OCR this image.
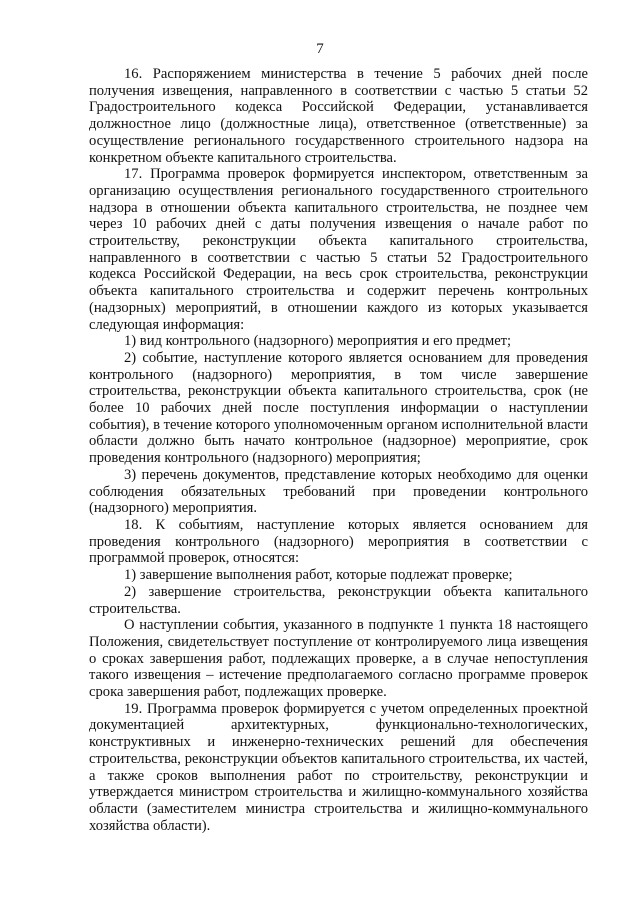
7

16. Распоряжением министерства в течение 5 рабочих дней после получения извещения, направленного в соответствии с частью 5 статьи 52 Градостроительного кодекса Российской Федерации, устанавливается должностное лицо (должностные лица), ответственное (ответственные) за осуществление регионального государственного строительного надзора на конкретном объекте капитального строительства.

17. Программа проверок формируется инспектором, ответственным за организацию осуществления регионального государственного строительного надзора в отношении объекта капитального строительства, не позднее чем через 10 рабочих дней с даты получения извещения о начале работ по строительству, реконструкции объекта капитального строительства, направленного в соответствии с частью 5 статьи 52 Градостроительного кодекса Российской Федерации, на весь срок строительства, реконструкции объекта капитального строительства и содержит перечень контрольных (надзорных) мероприятий, в отношении каждого из которых указывается следующая информация:

1) вид контрольного (надзорного) мероприятия и его предмет;

2) событие, наступление которого является основанием для проведения контрольного (надзорного) мероприятия, в том числе завершение строительства, реконструкции объекта капитального строительства, срок (не более 10 рабочих дней после поступления информации о наступлении события), в течение которого уполномоченным органом исполнительной власти области должно быть начато контрольное (надзорное) мероприятие, срок проведения контрольного (надзорного) мероприятия;

3) перечень документов, представление которых необходимо для оценки соблюдения обязательных требований при проведении контрольного (надзорного) мероприятия.

18. К событиям, наступление которых является основанием для проведения контрольного (надзорного) мероприятия в соответствии с программой проверок, относятся:

1) завершение выполнения работ, которые подлежат проверке;

2) завершение строительства, реконструкции объекта капитального строительства.

О наступлении события, указанного в подпункте 1 пункта 18 настоящего Положения, свидетельствует поступление от контролируемого лица извещения о сроках завершения работ, подлежащих проверке, а в случае непоступления такого извещения – истечение предполагаемого согласно программе проверок срока завершения работ, подлежащих проверке.

19. Программа проверок формируется с учетом определенных проектной документацией архитектурных, функционально-технологических, конструктивных и инженерно-технических решений для обеспечения строительства, реконструкции объектов капитального строительства, их частей, а также сроков выполнения работ по строительству, реконструкции и утверждается министром строительства и жилищно-коммунального хозяйства области (заместителем министра строительства и жилищно-коммунального хозяйства области).
